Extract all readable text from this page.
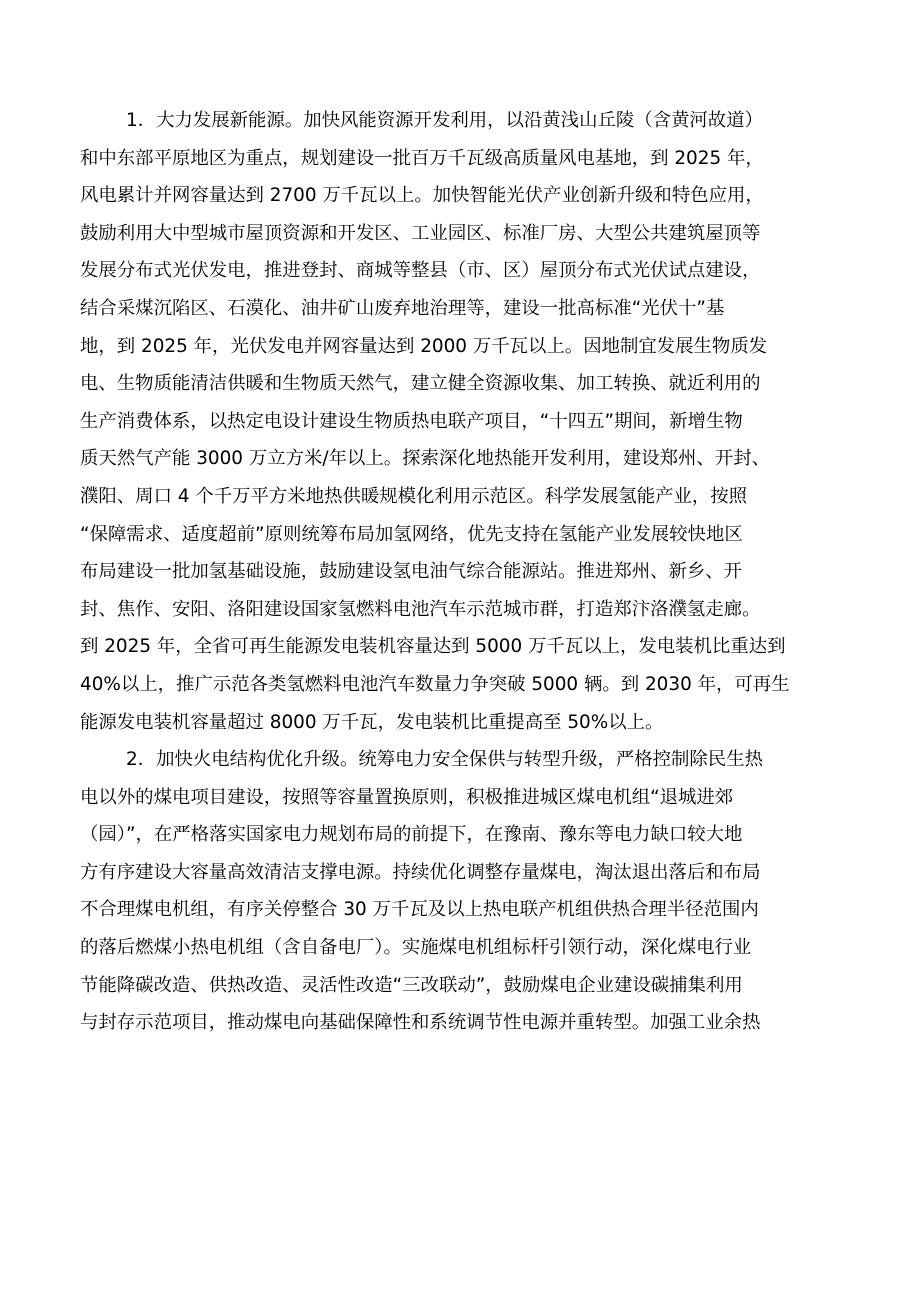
1．大力发展新能源。加快风能资源开发利用，以沿黄浅山丘陵（含黄河故道）
和中东部平原地区为重点，规划建设一批百万千瓦级高质量风电基地，到 2025 年，
风电累计并网容量达到 2700 万千瓦以上。加快智能光伏产业创新升级和特色应用，
鼓励利用大中型城市屋顶资源和开发区、工业园区、标准厂房、大型公共建筑屋顶等
发展分布式光伏发电，推进登封、商城等整县（市、区）屋顶分布式光伏试点建设，
结合采煤沉陷区、石漠化、油井矿山废弃地治理等，建设一批高标准“光伏十”基
地，到 2025 年，光伏发电并网容量达到 2000 万千瓦以上。因地制宜发展生物质发
电、生物质能清洁供暖和生物质天然气，建立健全资源收集、加工转换、就近利用的
生产消费体系，以热定电设计建设生物质热电联产项目，“十四五”期间，新增生物
质天然气产能 3000 万立方米/年以上。探索深化地热能开发利用，建设郑州、开封、
濮阳、周口 4 个千万平方米地热供暖规模化利用示范区。科学发展氢能产业，按照
“保障需求、适度超前”原则统筹布局加氢网络，优先支持在氢能产业发展较快地区
布局建设一批加氢基础设施，鼓励建设氢电油气综合能源站。推进郑州、新乡、开
封、焦作、安阳、洛阳建设国家氢燃料电池汽车示范城市群，打造郑汴洛濮氢走廊。
到 2025 年，全省可再生能源发电装机容量达到 5000 万千瓦以上，发电装机比重达到
40%以上，推广示范各类氢燃料电池汽车数量力争突破 5000 辆。到 2030 年，可再生
能源发电装机容量超过 8000 万千瓦，发电装机比重提高至 50%以上。
2．加快火电结构优化升级。统筹电力安全保供与转型升级，严格控制除民生热
电以外的煤电项目建设，按照等容量置换原则，积极推进城区煤电机组“退城进郊
（园）”，在严格落实国家电力规划布局的前提下，在豫南、豫东等电力缺口较大地
方有序建设大容量高效清洁支撑电源。持续优化调整存量煤电，淘汰退出落后和布局
不合理煤电机组，有序关停整合 30 万千瓦及以上热电联产机组供热合理半径范围内
的落后燃煤小热电机组（含自备电厂）。实施煤电机组标杆引领行动，深化煤电行业
节能降碳改造、供热改造、灵活性改造“三改联动”，鼓励煤电企业建设碳捕集利用
与封存示范项目，推动煤电向基础保障性和系统调节性电源并重转型。加强工业余热
